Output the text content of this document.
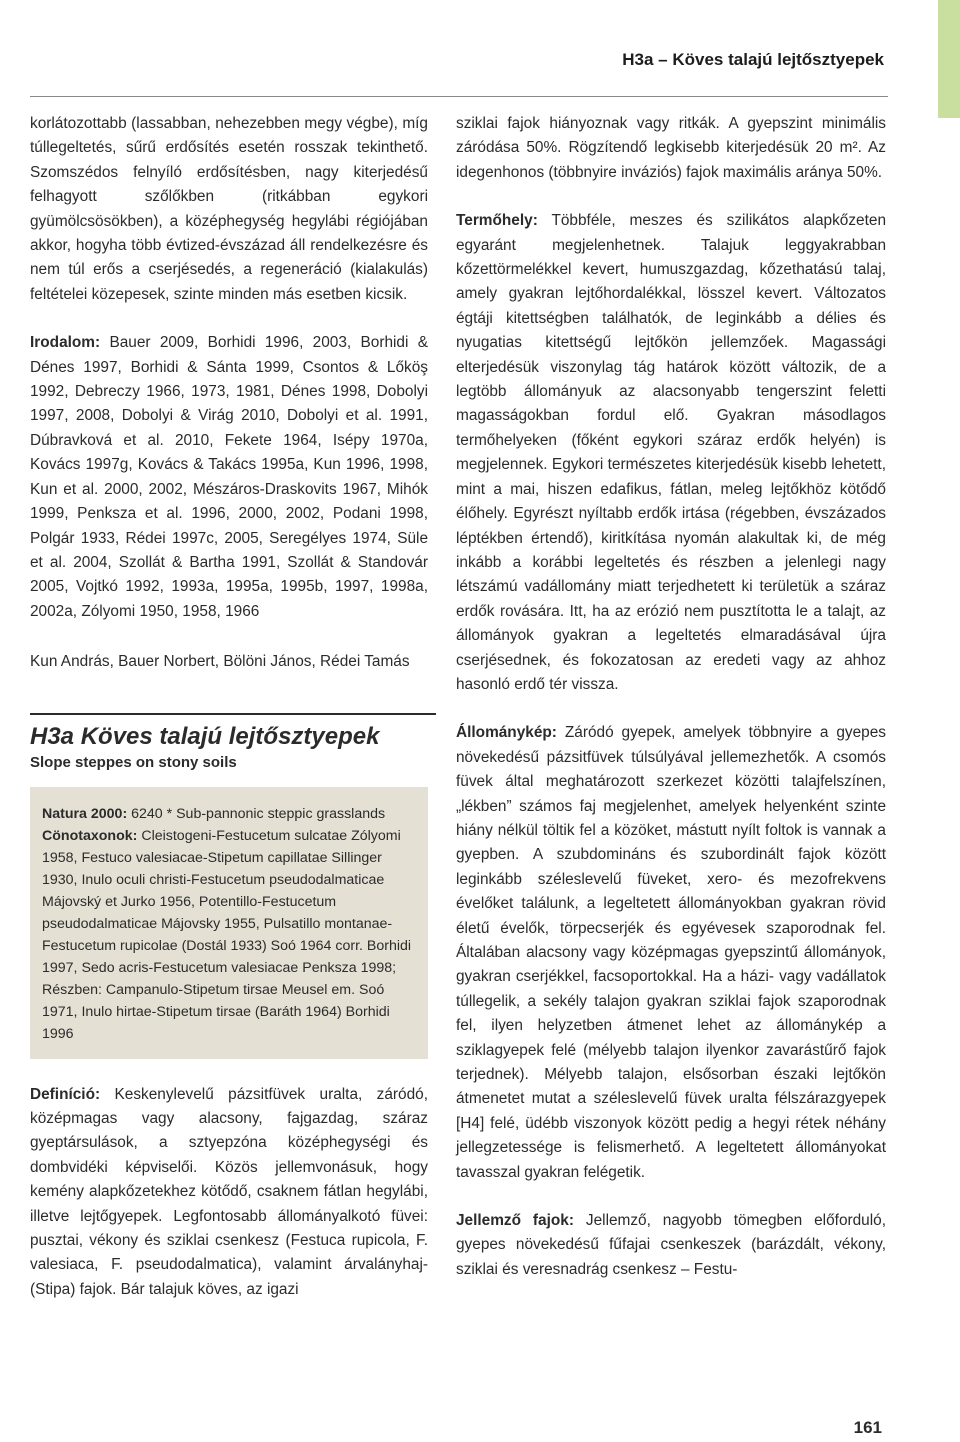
H3a – Köves talajú lejtősztyepek

korlátozottabb (lassabban, nehezebben megy végbe), míg túllegeltetés, sűrű erdősítés esetén rosszak tekinthető. Szomszédos felnyíló erdősítésben, nagy kiterjedésű felhagyott szőlőkben (ritkábban egykori gyümölcsösökben), a középhegység hegylábi régiójában akkor, hogyha több évtized-évszázad áll rendelkezésre és nem túl erős a cserjésedés, a regeneráció (kialakulás) feltételei közepesek, szinte minden más esetben kicsik.

Irodalom: Bauer 2009, Borhidi 1996, 2003, Borhidi & Dénes 1997, Borhidi & Sánta 1999, Csontos & Lőköş 1992, Debreczy 1966, 1973, 1981, Dénes 1998, Dobolyi 1997, 2008, Dobolyi & Virág 2010, Dobolyi et al. 1991, Dúbravková et al. 2010, Fekete 1964, Isépy 1970a, Kovács 1997g, Kovács & Takács 1995a, Kun 1996, 1998, Kun et al. 2000, 2002, Mészáros-Draskovits 1967, Mihók 1999, Penksza et al. 1996, 2000, 2002, Podani 1998, Polgár 1933, Rédei 1997c, 2005, Seregélyes 1974, Süle et al. 2004, Szollát & Bartha 1991, Szollát & Standovár 2005, Vojtkó 1992, 1993a, 1995a, 1995b, 1997, 1998a, 2002a, Zólyomi 1950, 1958, 1966

Kun András, Bauer Norbert, Bölöni János, Rédei Tamás

H3a Köves talajú lejtősztyepek
Slope steppes on stony soils

Natura 2000: 6240 * Sub-pannonic steppic grasslands

Cönotaxonok: Cleistogeni-Festucetum sulcatae Zólyomi 1958, Festuco valesiacae-Stipetum capillatae Sillinger 1930, Inulo oculi christi-Festucetum pseudodalmaticae Májovský et Jurko 1956, Potentillo-Festucetum pseudodalmaticae Májovsky 1955, Pulsatillo montanae-Festucetum rupicolae (Dostál 1933) Soó 1964 corr. Borhidi 1997, Sedo acris-Festucetum valesiacae Penksza 1998; Részben: Campanulo-Stipetum tirsae Meusel em. Soó 1971, Inulo hirtae-Stipetum tirsae (Baráth 1964) Borhidi 1996

Definíció: Keskenylevelű pázsitfüvek uralta, záródó, középmagas vagy alacsony, fajgazdag, száraz gyeptársulások, a sztyepzóna középhegységi és dombvidéki képviselői. Közös jellemvonásuk, hogy kemény alapkőzetekhez kötődő, csaknem fátlan hegylábi, illetve lejtőgyepek. Legfontosabb állományalkotó füvei: pusztai, vékony és sziklai csenkesz (Festuca rupicola, F. valesiaca, F. pseudodalmatica), valamint árvalányhaj- (Stipa) fajok. Bár talajuk köves, az igazi

sziklai fajok hiányoznak vagy ritkák. A gyepszint minimális záródása 50%. Rögzítendő legkisebb kiterjedésük 20 m². Az idegenhonos (többnyire inváziós) fajok maximális aránya 50%.

Termőhely: Többféle, meszes és szilikátos alapkőzeten egyaránt megjelenhetnek. Talajuk leggyakrabban kőzettörmelékkel kevert, humuszgazdag, kőzethatású talaj, amely gyakran lejtőhordalékkal, lösszel kevert. Változatos égtáji kitettségben találhatók, de leginkább a délies és nyugatias kitettségű lejtőkön jellemzőek. Magassági elterjedésük viszonylag tág határok között változik, de a legtöbb állományuk az alacsonyabb tengerszint feletti magasságokban fordul elő. Gyakran másodlagos termőhelyeken (főként egykori száraz erdők helyén) is megjelennek. Egykori természetes kiterjedésük kisebb lehetett, mint a mai, hiszen edafikus, fátlan, meleg lejtőkhöz kötődő élőhely. Egyrészt nyíltabb erdők irtása (régebben, évszázados léptékben értendő), kiritkítása nyomán alakultak ki, de még inkább a korábbi legeltetés és részben a jelenlegi nagy létszámú vadállomány miatt terjedhetett ki területük a száraz erdők rovására. Itt, ha az erózió nem pusztította le a talajt, az állományok gyakran a legeltetés elmaradásával újra cserjésednek, és fokozatosan az eredeti vagy az ahhoz hasonló erdő tér vissza.

Állománykép: Záródó gyepek, amelyek többnyire a gyepes növekedésű pázsitfüvek túlsúlyával jellemezhetők. A csomós füvek által meghatározott szerkezet közötti talajfelszínen, „lékben” számos faj megjelenhet, amelyek helyenként szinte hiány nélkül töltik fel a közöket, mástutt nyílt foltok is vannak a gyepben. A szubdomináns és szubordinált fajok között leginkább széleslevelű füveket, xero- és mezofrekvens évelőket találunk, a legeltetett állományokban gyakran rövid életű évelők, törpecserjék és egyévesek szaporodnak fel. Általában alacsony vagy középmagas gyepszintű állományok, gyakran cserjékkel, facsoportokkal. Ha a házi- vagy vadállatok túllegelik, a sekély talajon gyakran sziklai fajok szaporodnak fel, ilyen helyzetben átmenet lehet az állománykép a sziklagyepek felé (mélyebb talajon ilyenkor zavarástűrő fajok terjednek). Mélyebb talajon, elsősorban északi lejtőkön átmenetet mutat a széleslevelű füvek uralta félszárazgyepek [H4] felé, üdébb viszonyok között pedig a hegyi rétek néhány jellegzetessége is felismerhető. A legeltetett állományokat tavasszal gyakran felégetik.

Jellemző fajok: Jellemző, nagyobb tömegben előforduló, gyepes növekedésű fűfajai csenkeszek (barázdált, vékony, sziklai és veresnadrág csenkesz – Festu-

161
